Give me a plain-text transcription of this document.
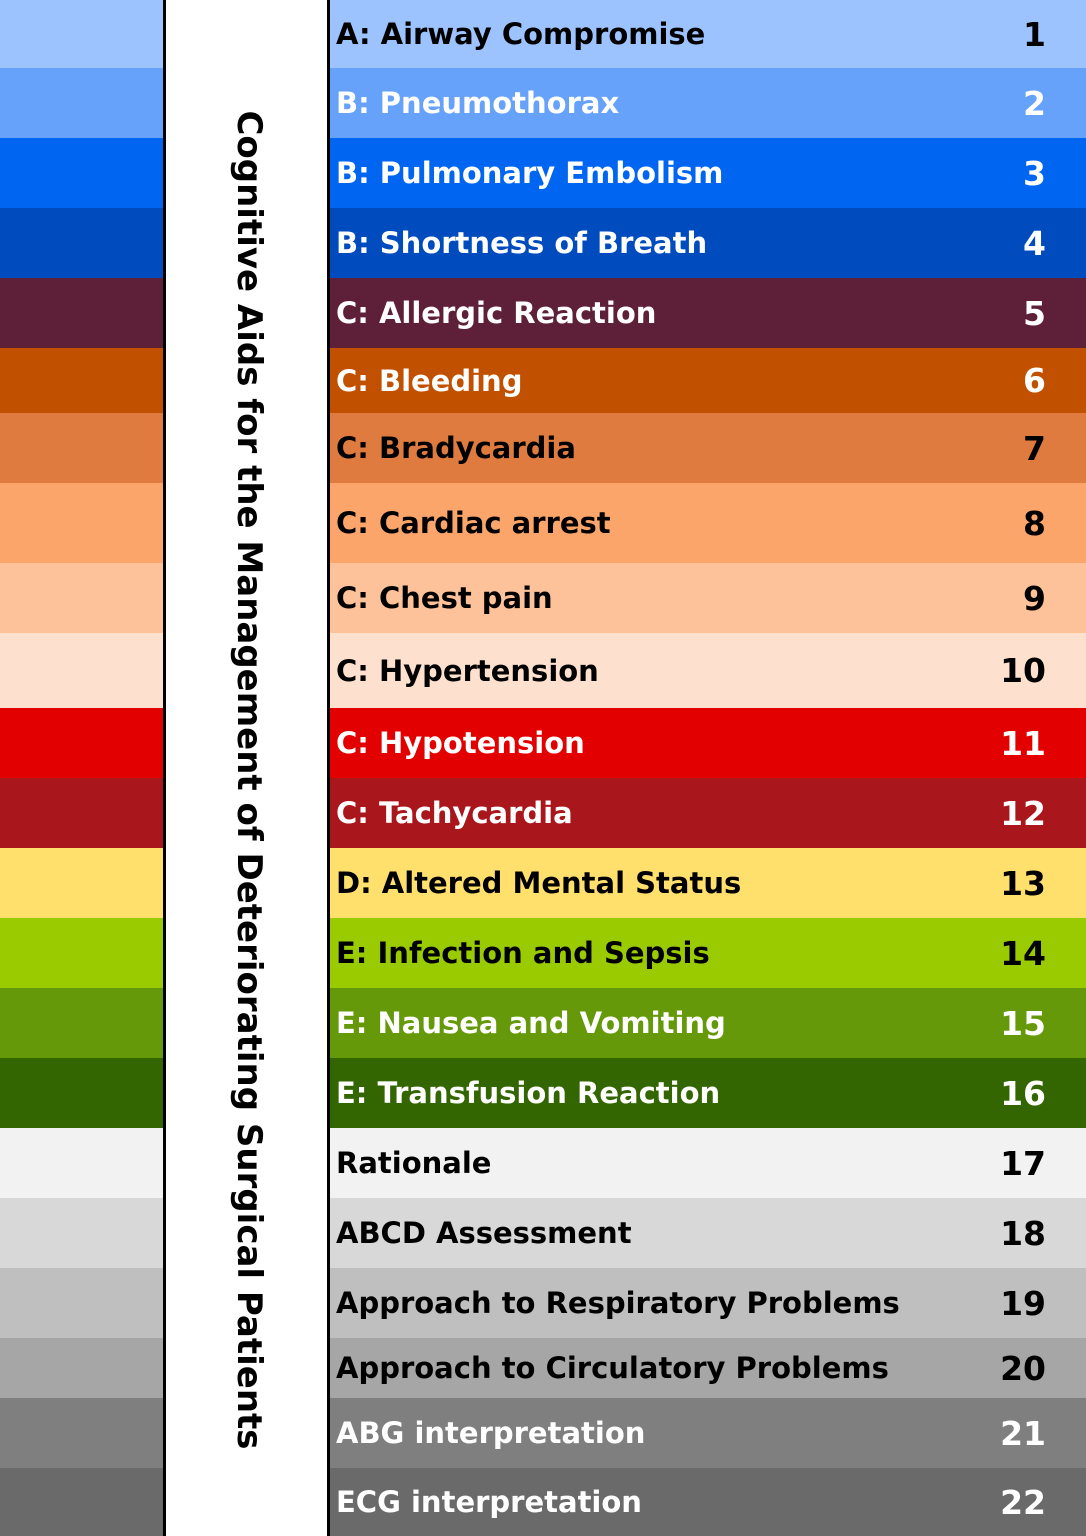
A: Airway Compromise	1
B: Pneumothorax	2
B: Pulmonary Embolism	3
B: Shortness of Breath	4
C: Allergic Reaction	5
C: Bleeding	6
C: Bradycardia	7
C: Cardiac arrest	8
C: Chest pain	9
C: Hypertension	10
C: Hypotension	11
C: Tachycardia	12
D: Altered Mental Status	13
E: Infection and Sepsis	14
E: Nausea and Vomiting	15
E: Transfusion Reaction	16
Rationale	17
ABCD Assessment	18
Approach to Respiratory Problems	19
Approach to Circulatory Problems	20
ABG interpretation	21
ECG interpretation	22
Cognitive Aids for the Management of Deteriorating Surgical Patients
